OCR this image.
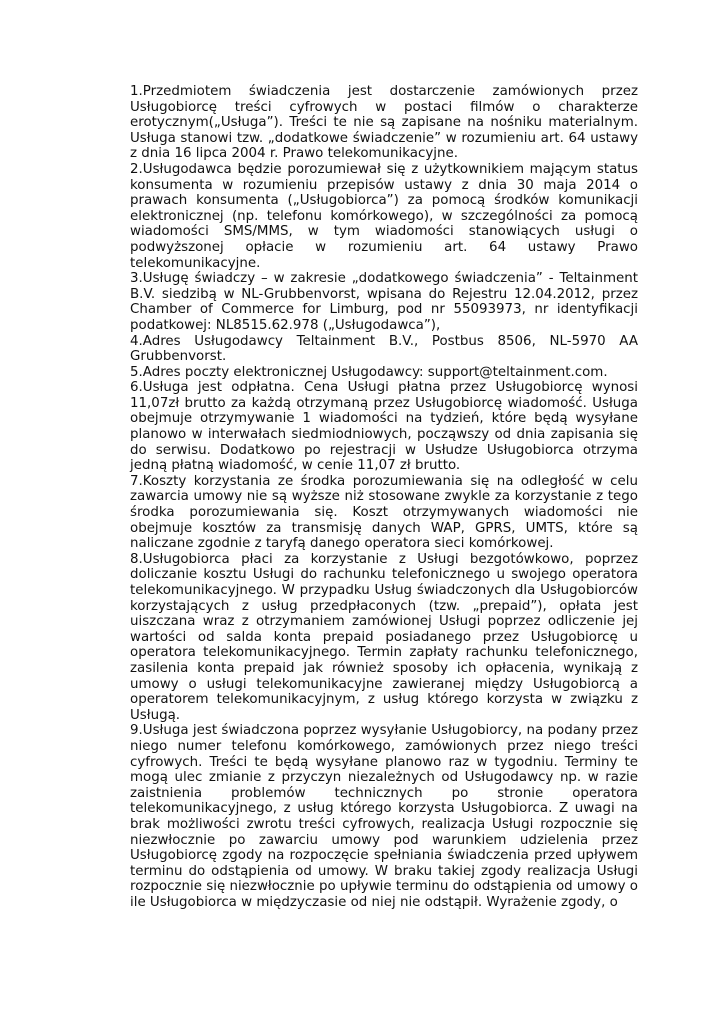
1.Przedmiotem świadczenia jest dostarczenie zamówionych przez Usługobiorcę treści cyfrowych w postaci filmów o charakterze erotycznym(„Usługa”). Treści te nie są zapisane na nośniku materialnym. Usługa stanowi tzw. „dodatkowe świadczenie” w rozumieniu art. 64 ustawy z dnia 16 lipca 2004 r. Prawo telekomunikacyjne.

2.Usługodawca będzie porozumiewał się z użytkownikiem mającym status konsumenta w rozumieniu przepisów ustawy z dnia 30 maja 2014 o prawach konsumenta („Usługobiorca”) za pomocą środków komunikacji elektronicznej (np. telefonu komórkowego), w szczególności za pomocą wiadomości SMS/MMS, w tym wiadomości stanowiących usługi o podwyższonej opłacie w rozumieniu art. 64 ustawy Prawo telekomunikacyjne.

3.Usługę świadczy – w zakresie „dodatkowego świadczenia” - Teltainment B.V. siedzibą w NL-Grubbenvorst, wpisana do Rejestru 12.04.2012, przez Chamber of Commerce for Limburg, pod nr 55093973, nr identyfikacji podatkowej: NL8515.62.978 („Usługodawca”),

4.Adres Usługodawcy Teltainment B.V., Postbus 8506, NL-5970 AA Grubbenvorst.

5.Adres poczty elektronicznej Usługodawcy: support@teltainment.com.

6.Usługa jest odpłatna. Cena Usługi płatna przez Usługobiorcę wynosi 11,07zł brutto za każdą otrzymaną przez Usługobiorcę wiadomość. Usługa obejmuje otrzymywanie 1 wiadomości na tydzień, które będą wysyłane planowo w interwałach siedmiodniowych, począwszy od dnia zapisania się do serwisu. Dodatkowo po rejestracji w Usłudze Usługobiorca otrzyma jedną płatną wiadomość, w cenie 11,07 zł brutto.

7.Koszty korzystania ze środka porozumiewania się na odległość w celu zawarcia umowy nie są wyższe niż stosowane zwykle za korzystanie z tego środka porozumiewania się. Koszt otrzymywanych wiadomości nie obejmuje kosztów za transmisję danych WAP, GPRS, UMTS, które są naliczane zgodnie z taryfą danego operatora sieci komórkowej.

8.Usługobiorca płaci za korzystanie z Usługi bezgotówkowo, poprzez doliczanie kosztu Usługi do rachunku telefonicznego u swojego operatora telekomunikacyjnego. W przypadku Usług świadczonych dla Usługobiorców korzystających z usług przedpłaconych (tzw. „prepaid”), opłata jest uiszczana wraz z otrzymaniem zamówionej Usługi poprzez odliczenie jej wartości od salda konta prepaid posiadanego przez Usługobiorcę u operatora telekomunikacyjnego. Termin zapłaty rachunku telefonicznego, zasilenia konta prepaid jak również sposoby ich opłacenia, wynikają z umowy o usługi telekomunikacyjne zawieranej między Usługobiorcą a operatorem telekomunikacyjnym, z usług którego korzysta w związku z Usługą.

9.Usługa jest świadczona poprzez wysyłanie Usługobiorcy, na podany przez niego numer telefonu komórkowego, zamówionych przez niego treści cyfrowych. Treści te będą wysyłane planowo raz w tygodniu. Terminy te mogą ulec zmianie z przyczyn niezależnych od Usługodawcy np. w razie zaistnienia problemów technicznych po stronie operatora telekomunikacyjnego, z usług którego korzysta Usługobiorca. Z uwagi na brak możliwości zwrotu treści cyfrowych, realizacja Usługi rozpocznie się niezwłocznie po zawarciu umowy pod warunkiem udzielenia przez Usługobiorcę zgody na rozpoczęcie spełniania świadczenia przed upływem terminu do odstąpienia od umowy. W braku takiej zgody realizacja Usługi rozpocznie się niezwłocznie po upływie terminu do odstąpienia od umowy o ile Usługobiorca w międzyczasie od niej nie odstąpił. Wyrażenie zgody, o
